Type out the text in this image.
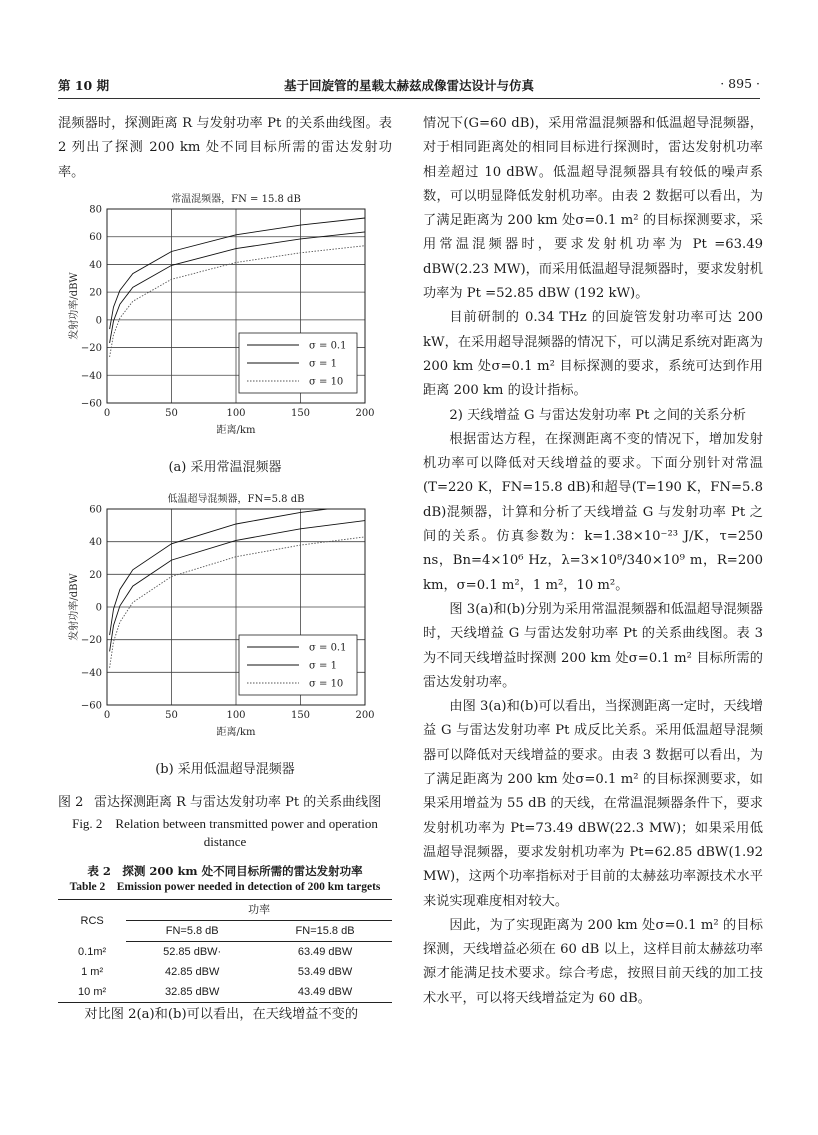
第 10 期	基于回旋管的星载太赫兹成像雷达设计与仿真	· 895 ·

混频器时，探测距离 R 与发射功率 Pt 的关系曲线图。表 2 列出了探测 200 km 处不同目标所需的雷达发射功率。

常温混频器，FN = 15.8 dB
−60
−40
−20
0
20
40
60
80
0	50	100	150	200
距离/km
发射功率/dBW
σ = 0.1
σ = 1
σ = 10
(a) 采用常温混频器
低温超导混频器，FN=5.8 dB
−60
−40
−20
0
20
40
60
0	50	100	150	200
距离/km
发射功率/dBW
σ = 0.1
σ = 1
σ = 10
(b) 采用低温超导混频器
图 2 雷达探测距离 R 与雷达发射功率 Pt 的关系曲线图
Fig. 2　Relation between transmitted power and operation distance
表 2　探测 200 km 处不同目标所需的雷达发射功率
Table 2　Emission power needed in detection of 200 km targets
RCS	功率	
	FN=5.8 dB	FN=15.8 dB
0.1m²	52.85 dBW·	63.49 dBW
1 m²	42.85 dBW	53.49 dBW
10 m²	32.85 dBW	43.49 dBW

对比图 2(a)和(b)可以看出，在天线增益不变的

情况下(G=60 dB)，采用常温混频器和低温超导混频器，对于相同距离处的相同目标进行探测时，雷达发射机功率相差超过 10 dBW。低温超导混频器具有较低的噪声系数，可以明显降低发射机功率。由表 2 数据可以看出，为了满足距离为 200 km 处σ=0.1 m² 的目标探测要求，采用常温混频器时，要求发射机功率为 Pt =63.49 dBW(2.23 MW)，而采用低温超导混频器时，要求发射机功率为 Pt =52.85 dBW (192 kW)。

目前研制的 0.34 THz 的回旋管发射功率可达 200 kW，在采用超导混频器的情况下，可以满足系统对距离为 200 km 处σ=0.1 m² 目标探测的要求，系统可达到作用距离 200 km 的设计指标。

2) 天线增益 G 与雷达发射功率 Pt 之间的关系分析

根据雷达方程，在探测距离不变的情况下，增加发射机功率可以降低对天线增益的要求。下面分别针对常温(T=220 K，FN=15.8 dB)和超导(T=190 K，FN=5.8 dB)混频器，计算和分析了天线增益 G 与发射功率 Pt 之间的关系。仿真参数为：k=1.38×10⁻²³ J/K，τ=250 ns，Bn=4×10⁶ Hz，λ=3×10⁸/340×10⁹ m，R=200 km，σ=0.1 m²，1 m²，10 m²。

图 3(a)和(b)分别为采用常温混频器和低温超导混频器时，天线增益 G 与雷达发射功率 Pt 的关系曲线图。表 3 为不同天线增益时探测 200 km 处σ=0.1 m² 目标所需的雷达发射功率。

由图 3(a)和(b)可以看出，当探测距离一定时，天线增益 G 与雷达发射功率 Pt 成反比关系。采用低温超导混频器可以降低对天线增益的要求。由表 3 数据可以看出，为了满足距离为 200 km 处σ=0.1 m² 的目标探测要求，如果采用增益为 55 dB 的天线，在常温混频器条件下，要求发射机功率为 Pt=73.49 dBW(22.3 MW)；如果采用低温超导混频器，要求发射机功率为 Pt=62.85 dBW(1.92 MW)，这两个功率指标对于目前的太赫兹功率源技术水平来说实现难度相对较大。

因此，为了实现距离为 200 km 处σ=0.1 m² 的目标探测，天线增益必须在 60 dB 以上，这样目前太赫兹功率源才能满足技术要求。综合考虑，按照目前天线的加工技术水平，可以将天线增益定为 60 dB。
